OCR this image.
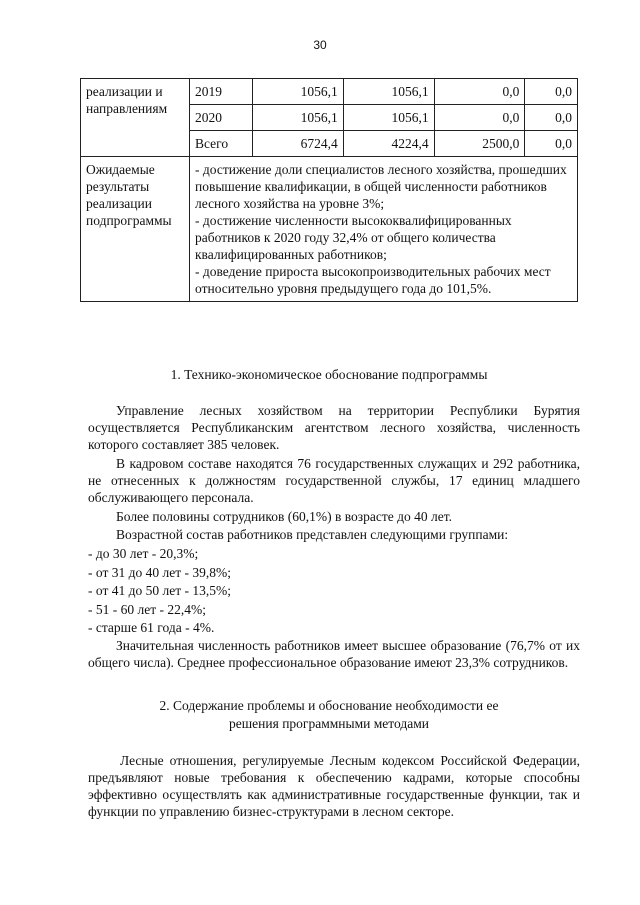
30
реализации и направлениям	2019	1056,1	1056,1	0,0	0,0
	2020	1056,1	1056,1	0,0	0,0
	Всего	6724,4	4224,4	2500,0	0,0
Ожидаемые результаты реализации подпрограммы	- достижение доли специалистов лесного хозяйства, прошедших повышение квалификации, в общей численности работников лесного хозяйства на уровне 3%;
- достижение численности высококвалифицированных работников к 2020 году 32,4% от общего количества квалифицированных работников;
- доведение прироста высокопроизводительных рабочих мест относительно уровня предыдущего года до 101,5%.				
1. Технико-экономическое обоснование подпрограммы

Управление лесных хозяйством на территории Республики Бурятия осуществляется Республиканским агентством лесного хозяйства, численность которого составляет 385 человек.

В кадровом составе находятся 76 государственных служащих и 292 работника, не отнесенных к должностям государственной службы, 17 единиц младшего обслуживающего персонала.

Более половины сотрудников (60,1%) в возрасте до 40 лет.

Возрастной состав работников представлен следующими группами:

- до 30 лет - 20,3%;
- от 31 до 40 лет - 39,8%;
- от 41 до 50 лет - 13,5%;
- 51 - 60 лет - 22,4%;
- старше 61 года - 4%.

Значительная численность работников имеет высшее образование (76,7% от их общего числа). Среднее профессиональное образование имеют 23,3% сотрудников.

2. Содержание проблемы и обоснование необходимости ее
решения программными методами

Лесные отношения, регулируемые Лесным кодексом Российской Федерации, предъявляют новые требования к обеспечению кадрами, которые способны эффективно осуществлять как административные государственные функции, так и функции по управлению бизнес-структурами в лесном секторе.
